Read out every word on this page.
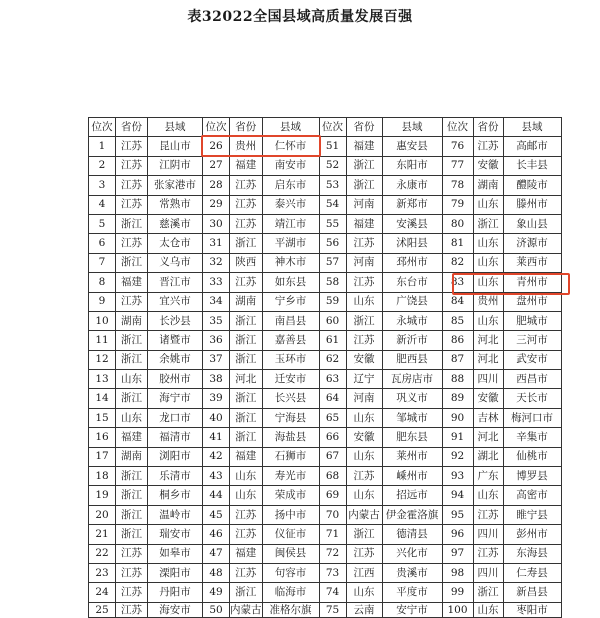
表32022全国县域高质量发展百强
位次	省份	县域	位次	省份	县域	位次	省份	县域	位次	省份	县域
1	江苏	昆山市	26	贵州	仁怀市	51	福建	惠安县	76	江苏	高邮市
2	江苏	江阴市	27	福建	南安市	52	浙江	东阳市	77	安徽	长丰县
3	江苏	张家港市	28	江苏	启东市	53	浙江	永康市	78	湖南	醴陵市
4	江苏	常熟市	29	江苏	泰兴市	54	河南	新郑市	79	山东	滕州市
5	浙江	慈溪市	30	江苏	靖江市	55	福建	安溪县	80	浙江	象山县
6	江苏	太仓市	31	浙江	平湖市	56	江苏	沭阳县	81	山东	济源市
7	浙江	义乌市	32	陕西	神木市	57	河南	邳州市	82	山东	莱西市
8	福建	晋江市	33	江苏	如东县	58	江苏	东台市	83	山东	青州市
9	江苏	宜兴市	34	湖南	宁乡市	59	山东	广饶县	84	贵州	盘州市
10	湖南	长沙县	35	浙江	南昌县	60	浙江	永城市	85	山东	肥城市
11	浙江	诸暨市	36	浙江	嘉善县	61	江苏	新沂市	86	河北	三河市
12	浙江	余姚市	37	浙江	玉环市	62	安徽	肥西县	87	河北	武安市
13	山东	胶州市	38	河北	迁安市	63	辽宁	瓦房店市	88	四川	西昌市
14	浙江	海宁市	39	浙江	长兴县	64	河南	巩义市	89	安徽	天长市
15	山东	龙口市	40	浙江	宁海县	65	山东	邹城市	90	吉林	梅河口市
16	福建	福清市	41	浙江	海盐县	66	安徽	肥东县	91	河北	辛集市
17	湖南	浏阳市	42	福建	石狮市	67	山东	莱州市	92	湖北	仙桃市
18	浙江	乐清市	43	山东	寿光市	68	江苏	嵊州市	93	广东	博罗县
19	浙江	桐乡市	44	山东	荣成市	69	山东	招远市	94	山东	高密市
20	浙江	温岭市	45	江苏	扬中市	70	内蒙古	伊金霍洛旗	95	江苏	睢宁县
21	浙江	瑞安市	46	江苏	仪征市	71	浙江	德清县	96	四川	彭州市
22	江苏	如皋市	47	福建	闽侯县	72	江苏	兴化市	97	江苏	东海县
23	江苏	溧阳市	48	江苏	句容市	73	江西	贵溪市	98	四川	仁寿县
24	江苏	丹阳市	49	浙江	临海市	74	山东	平度市	99	浙江	新昌县
25	江苏	海安市	50	内蒙古	准格尔旗	75	云南	安宁市	100	山东	枣阳市
